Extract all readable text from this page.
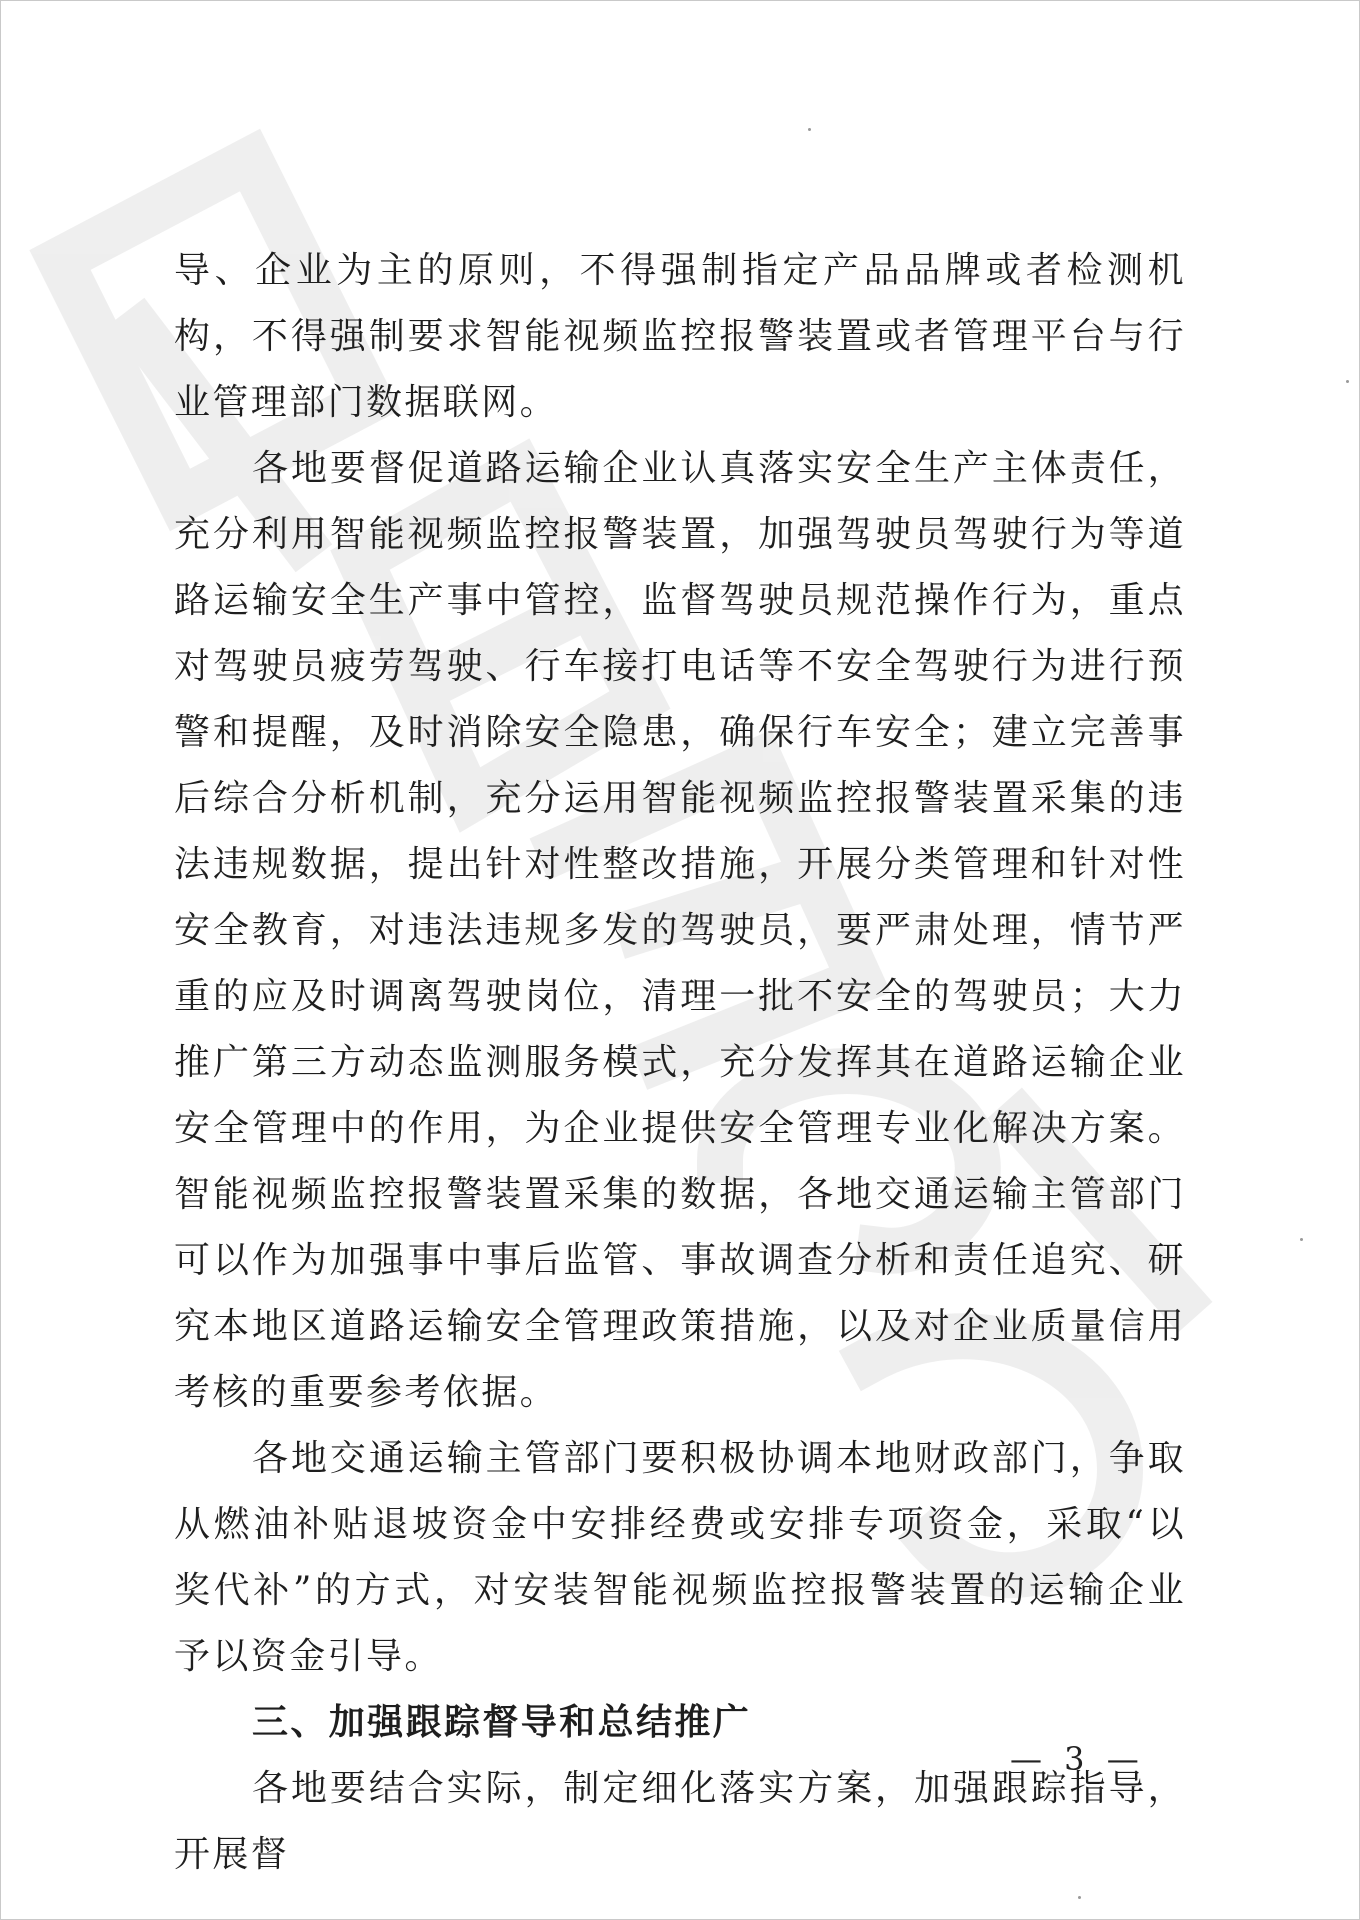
导、企业为主的原则，不得强制指定产品品牌或者检测机构，不得强制要求智能视频监控报警装置或者管理平台与行业管理部门数据联网。

各地要督促道路运输企业认真落实安全生产主体责任，充分利用智能视频监控报警装置，加强驾驶员驾驶行为等道路运输安全生产事中管控，监督驾驶员规范操作行为，重点对驾驶员疲劳驾驶、行车接打电话等不安全驾驶行为进行预警和提醒，及时消除安全隐患，确保行车安全；建立完善事后综合分析机制，充分运用智能视频监控报警装置采集的违法违规数据，提出针对性整改措施，开展分类管理和针对性安全教育，对违法违规多发的驾驶员，要严肃处理，情节严重的应及时调离驾驶岗位，清理一批不安全的驾驶员；大力推广第三方动态监测服务模式，充分发挥其在道路运输企业安全管理中的作用，为企业提供安全管理专业化解决方案。智能视频监控报警装置采集的数据，各地交通运输主管部门可以作为加强事中事后监管、事故调查分析和责任追究、研究本地区道路运输安全管理政策措施，以及对企业质量信用考核的重要参考依据。

各地交通运输主管部门要积极协调本地财政部门，争取从燃油补贴退坡资金中安排经费或安排专项资金，采取“以奖代补”的方式，对安装智能视频监控报警装置的运输企业予以资金引导。

三、加强跟踪督导和总结推广

各地要结合实际，制定细化落实方案，加强跟踪指导，开展督

— 3 —
